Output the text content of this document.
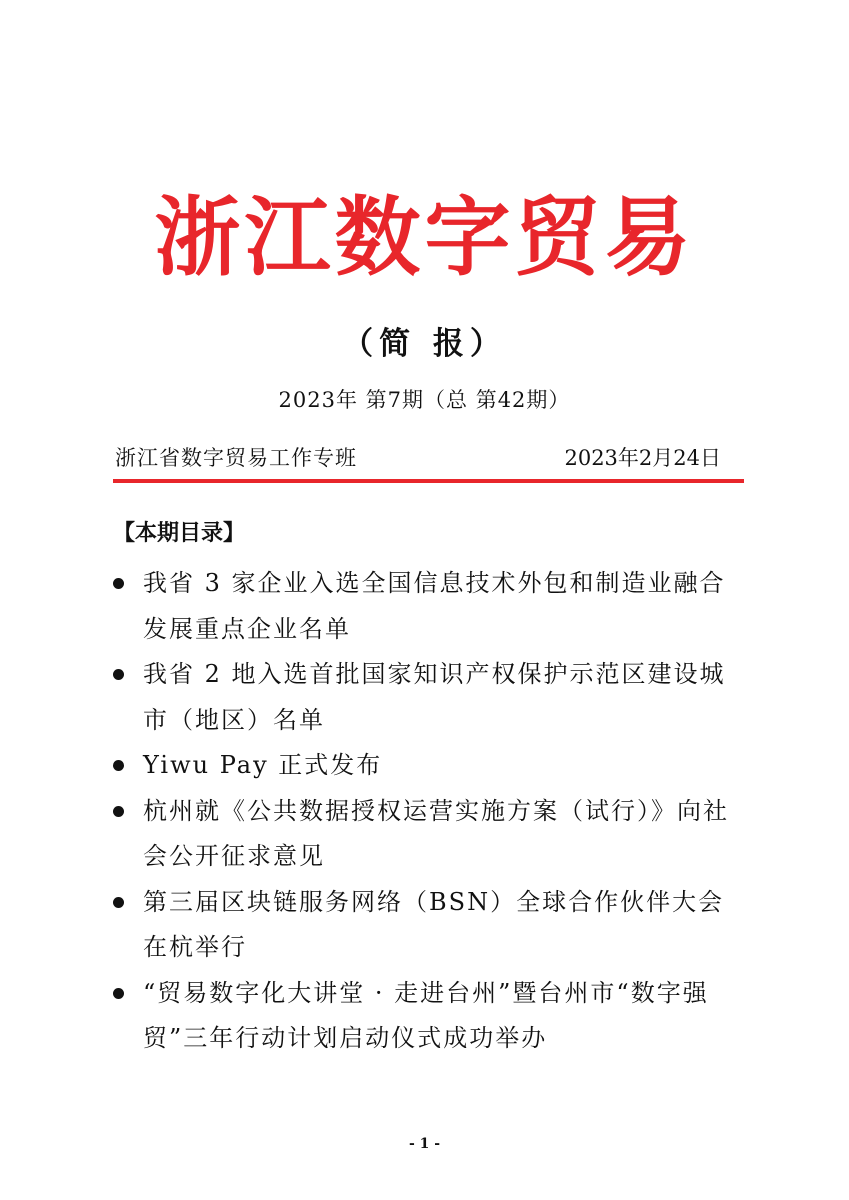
浙江数字贸易
（简 报）
2023年 第7期（总 第42期）
浙江省数字贸易工作专班	2023年2月24日
【本期目录】
我省 3 家企业入选全国信息技术外包和制造业融合发展重点企业名单
我省 2 地入选首批国家知识产权保护示范区建设城市（地区）名单
Yiwu Pay 正式发布
杭州就《公共数据授权运营实施方案（试行）》向社会公开征求意见
第三届区块链服务网络（BSN）全球合作伙伴大会在杭举行
“贸易数字化大讲堂 · 走进台州”暨台州市“数字强贸”三年行动计划启动仪式成功举办
- 1 -
